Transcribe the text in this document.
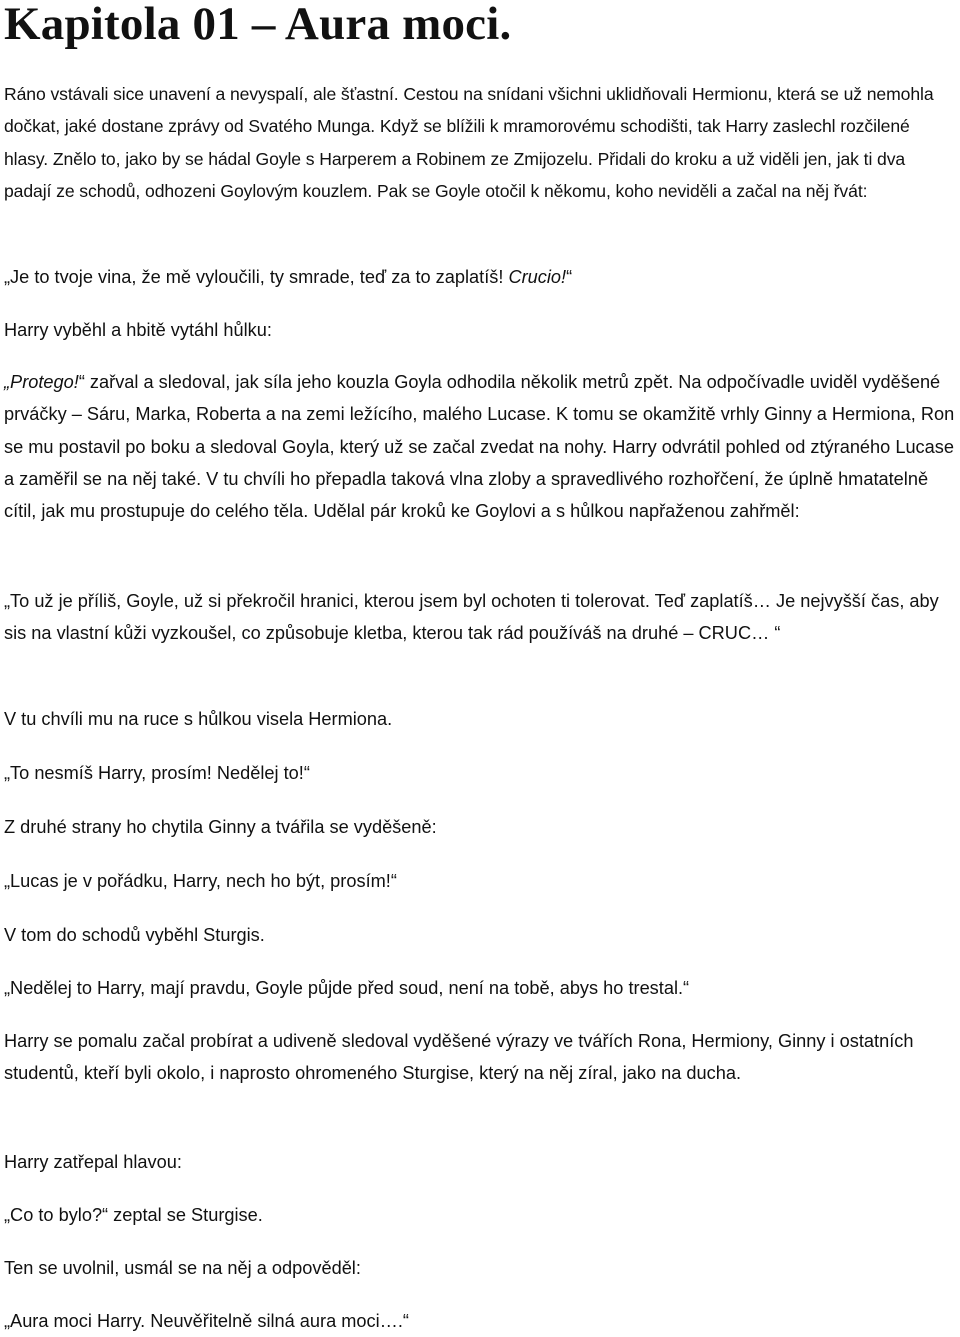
Kapitola 01 – Aura moci.

Ráno vstávali sice unavení a nevyspalí, ale šťastní. Cestou na snídani všichni uklidňovali Hermionu, která se už nemohla dočkat, jaké dostane zprávy od Svatého Munga. Když se blížili k mramorovému schodišti, tak Harry zaslechl rozčilené hlasy. Znělo to, jako by se hádal Goyle s Harperem a Robinem ze Zmijozelu. Přidali do kroku a už viděli jen, jak ti dva padají ze schodů, odhozeni Goylovým kouzlem. Pak se Goyle otočil k někomu, koho neviděli a začal na něj řvát:

„Je to tvoje vina, že mě vyloučili, ty smrade, teď za to zaplatíš! Crucio!“

Harry vyběhl a hbitě vytáhl hůlku:

„Protego!“ zařval a sledoval, jak síla jeho kouzla Goyla odhodila několik metrů zpět. Na odpočívadle uviděl vyděšené prváčky – Sáru, Marka, Roberta a na zemi ležícího, malého Lucase. K tomu se okamžitě vrhly Ginny a Hermiona, Ron se mu postavil po boku a sledoval Goyla, který už se začal zvedat na nohy. Harry odvrátil pohled od ztýraného Lucase a zaměřil se na něj také. V tu chvíli ho přepadla taková vlna zloby a spravedlivého rozhořčení, že úplně hmatatelně cítil, jak mu prostupuje do celého těla. Udělal pár kroků ke Goylovi a s hůlkou napřaženou zahřměl:

„To už je příliš, Goyle, už si překročil hranici, kterou jsem byl ochoten ti tolerovat. Teď zaplatíš… Je nejvyšší čas, aby sis na vlastní kůži vyzkoušel, co způsobuje kletba, kterou tak rád používáš na druhé – CRUC… “

V tu chvíli mu na ruce s hůlkou visela Hermiona.

„To nesmíš Harry, prosím! Nedělej to!“

Z druhé strany ho chytila Ginny a tvářila se vyděšeně:

„Lucas je v pořádku, Harry, nech ho být, prosím!“

V tom do schodů vyběhl Sturgis.

„Nedělej to Harry, mají pravdu, Goyle půjde před soud, není na tobě, abys ho trestal.“

Harry se pomalu začal probírat a udiveně sledoval vyděšené výrazy ve tvářích Rona, Hermiony, Ginny i ostatních studentů, kteří byli okolo, i naprosto ohromeného Sturgise, který na něj zíral, jako na ducha.

Harry zatřepal hlavou:

„Co to bylo?“ zeptal se Sturgise.

Ten se uvolnil, usmál se na něj a odpověděl:

„Aura moci Harry. Neuvěřitelně silná aura moci….“
